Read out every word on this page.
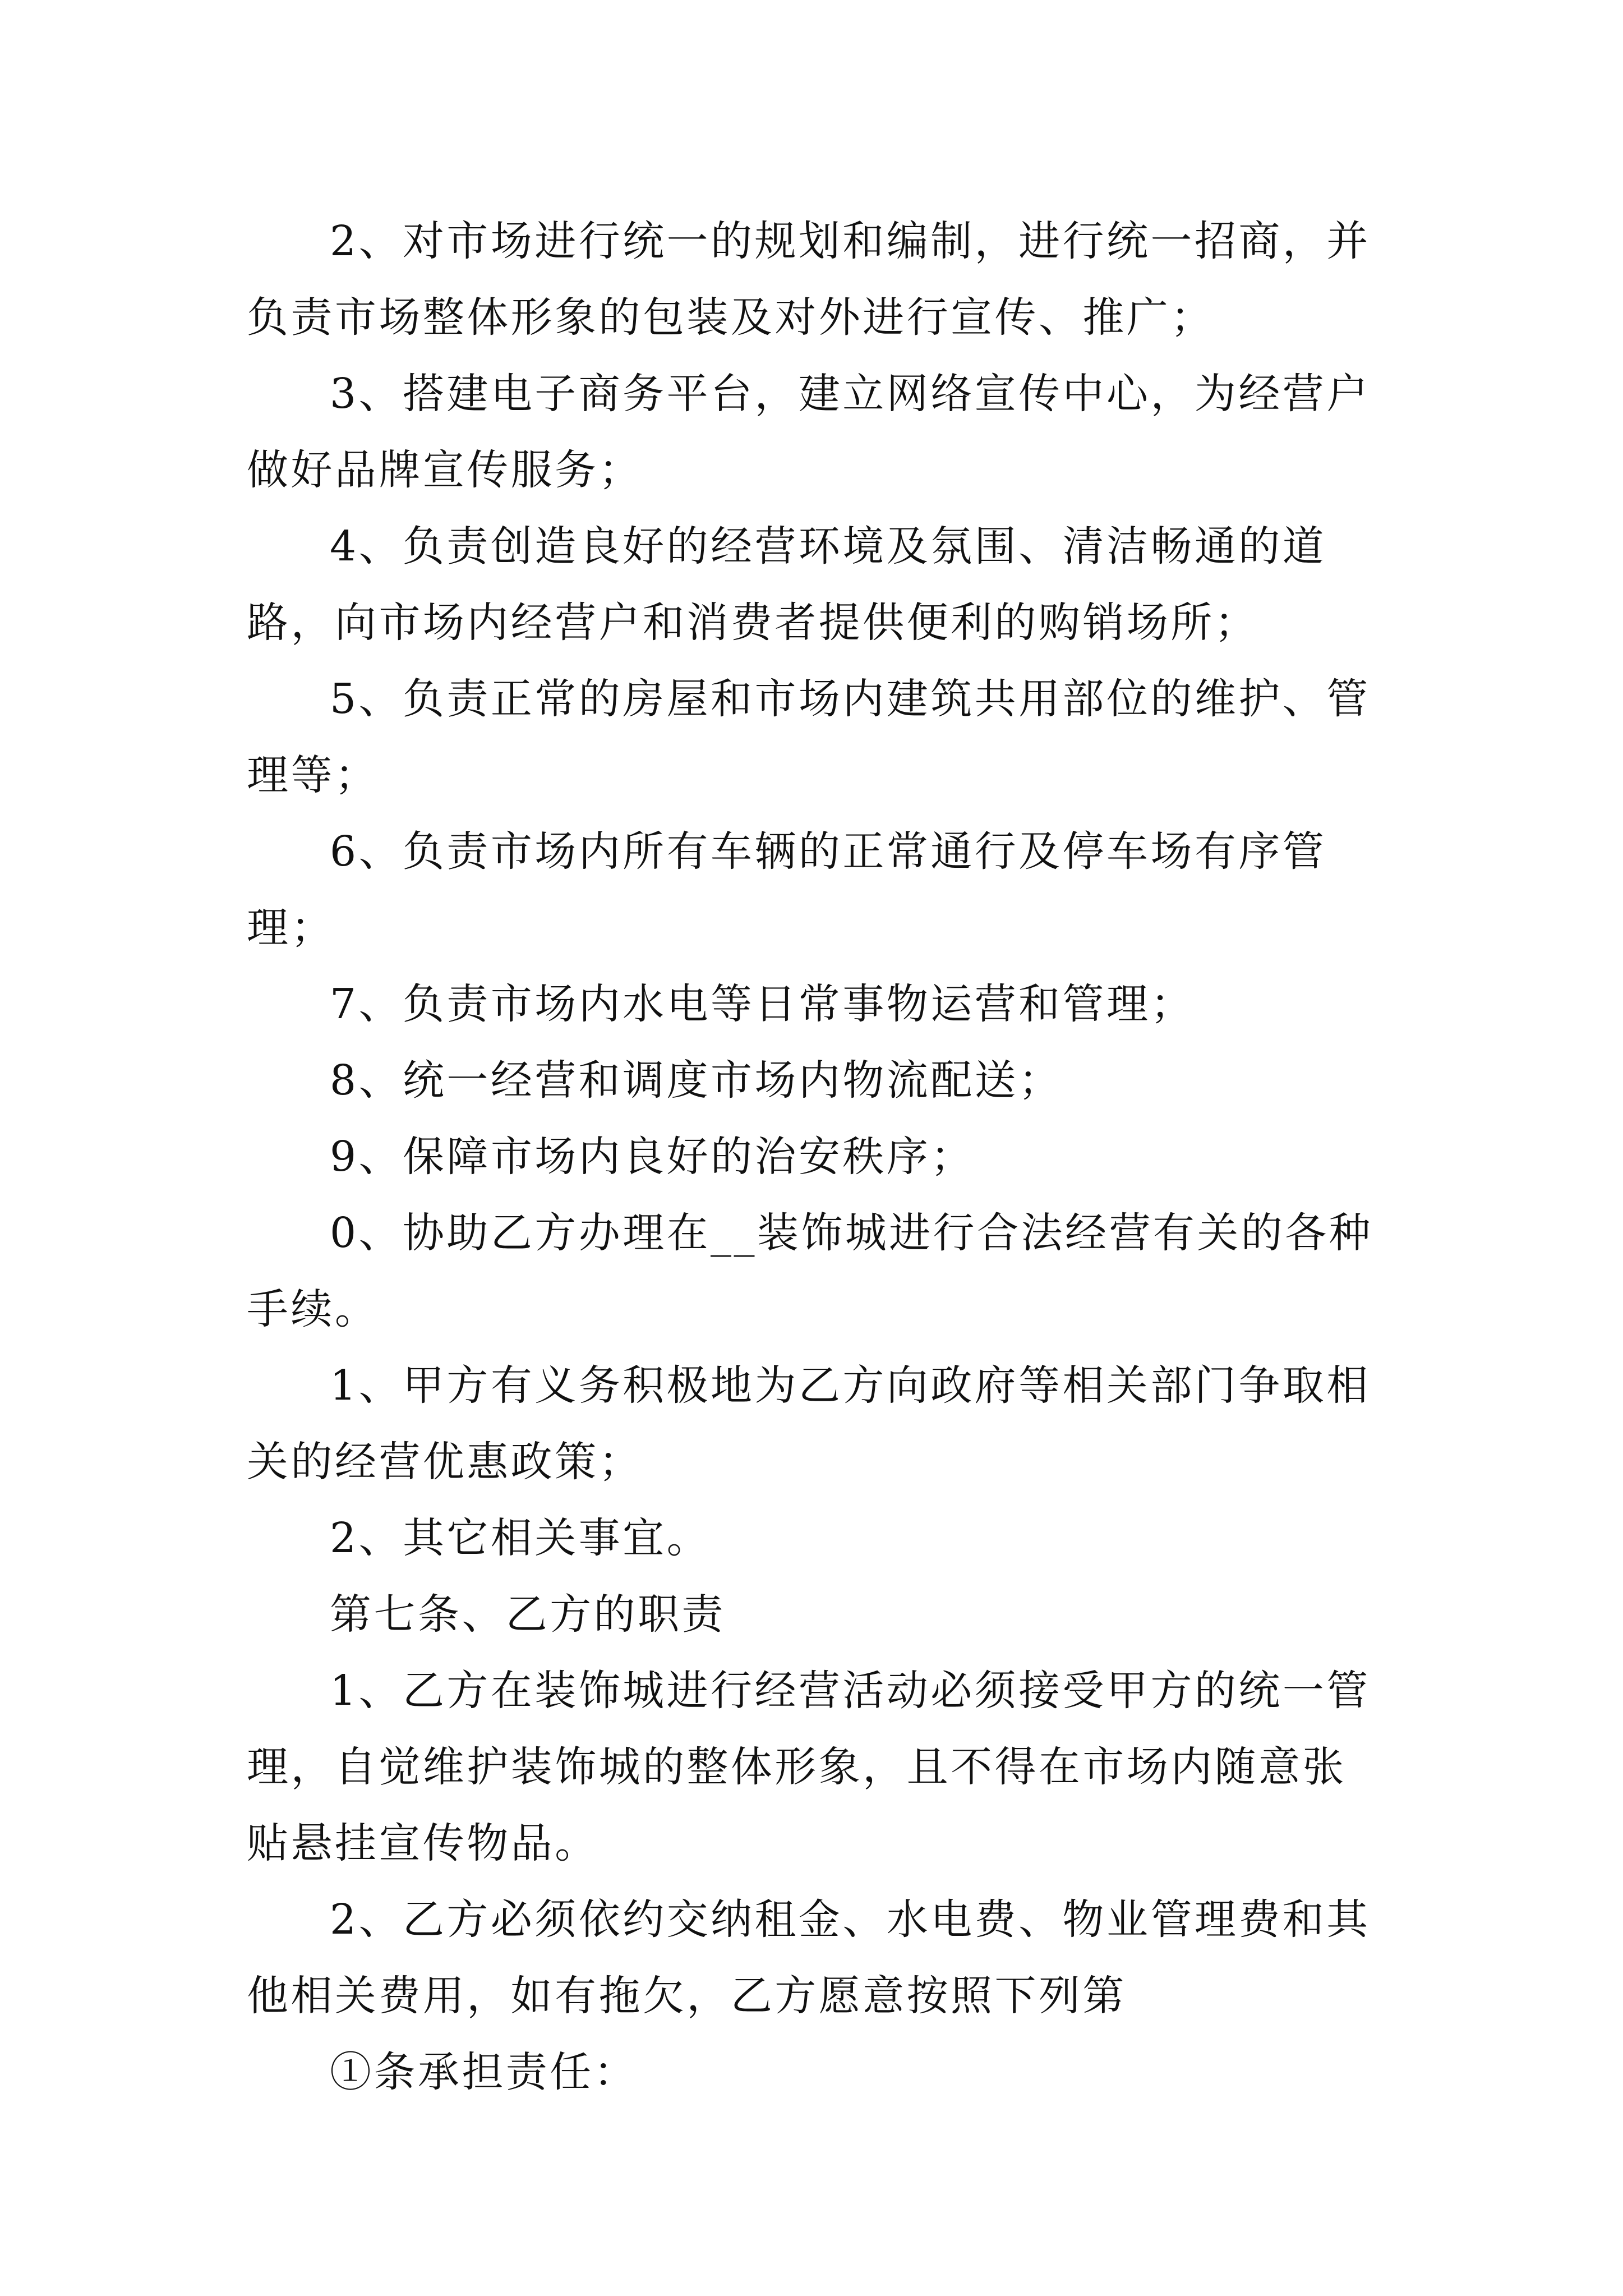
2、对市场进行统一的规划和编制，进行统一招商，并负责市场整体形象的包装及对外进行宣传、推广；

3、搭建电子商务平台，建立网络宣传中心，为经营户做好品牌宣传服务；

4、负责创造良好的经营环境及氛围、清洁畅通的道路，向市场内经营户和消费者提供便利的购销场所；

5、负责正常的房屋和市场内建筑共用部位的维护、管理等；

6、负责市场内所有车辆的正常通行及停车场有序管理；

7、负责市场内水电等日常事物运营和管理；

8、统一经营和调度市场内物流配送；

9、保障市场内良好的治安秩序；

0、协助乙方办理在__装饰城进行合法经营有关的各种手续。

1、甲方有义务积极地为乙方向政府等相关部门争取相关的经营优惠政策；

2、其它相关事宜。

第七条、乙方的职责

1、乙方在装饰城进行经营活动必须接受甲方的统一管理，自觉维护装饰城的整体形象，且不得在市场内随意张贴悬挂宣传物品。

2、乙方必须依约交纳租金、水电费、物业管理费和其他相关费用，如有拖欠，乙方愿意按照下列第

①条承担责任：
